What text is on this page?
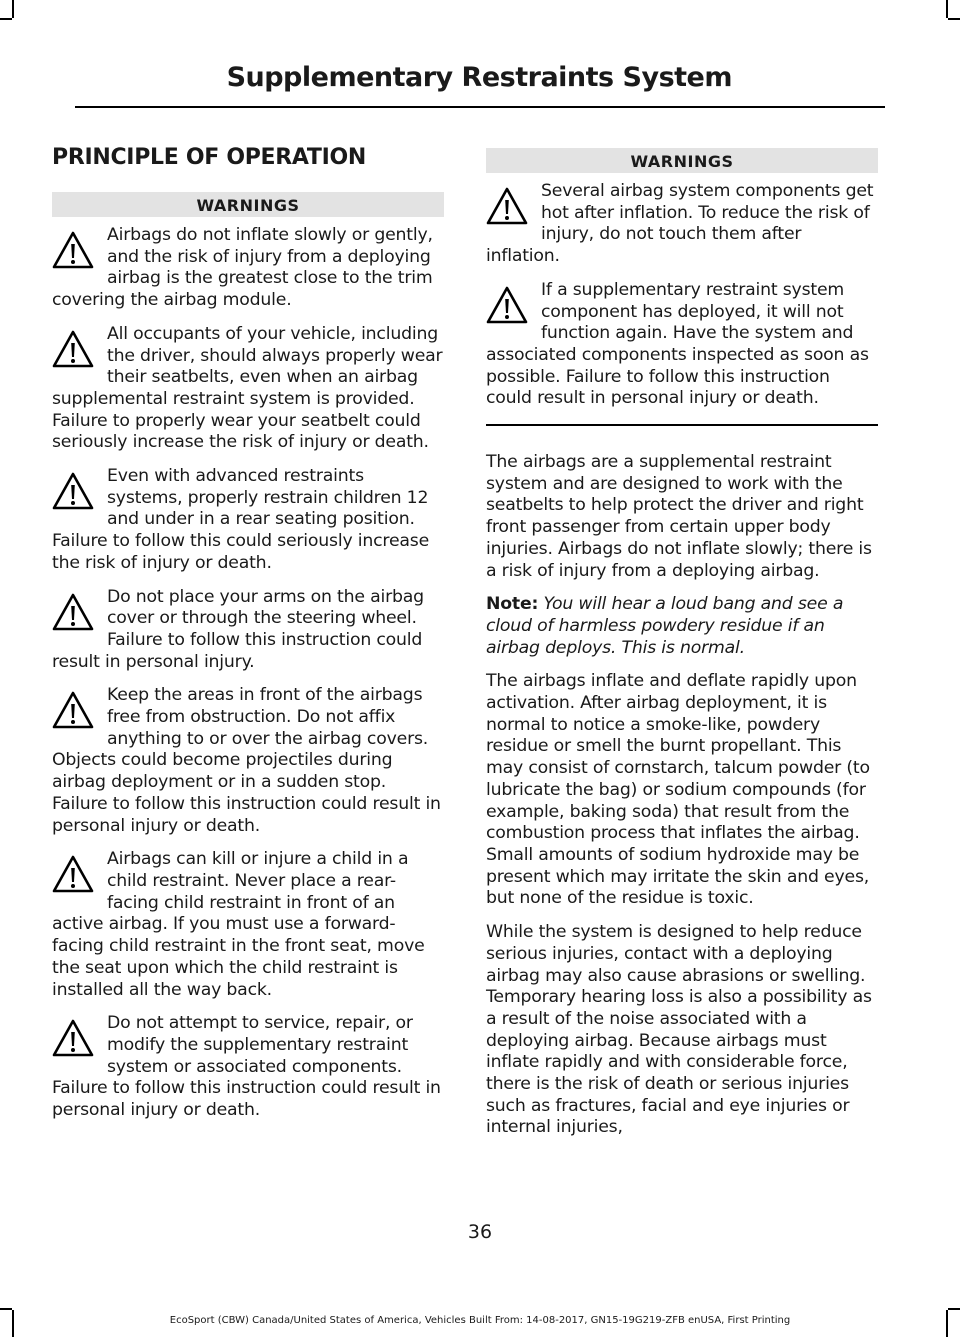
Supplementary Restraints System
PRINCIPLE OF OPERATION
WARNINGS
Airbags do not inflate slowly or gently, and the risk of injury from a deploying airbag is the greatest close to the trim covering the airbag module.
All occupants of your vehicle, including the driver, should always properly wear their seatbelts, even when an airbag supplemental restraint system is provided. Failure to properly wear your seatbelt could seriously increase the risk of injury or death.
Even with advanced restraints systems, properly restrain children 12 and under in a rear seating position. Failure to follow this could seriously increase the risk of injury or death.
Do not place your arms on the airbag cover or through the steering wheel. Failure to follow this instruction could result in personal injury.
Keep the areas in front of the airbags free from obstruction. Do not affix anything to or over the airbag covers. Objects could become projectiles during airbag deployment or in a sudden stop. Failure to follow this instruction could result in personal injury or death.
Airbags can kill or injure a child in a child restraint. Never place a rear-facing child restraint in front of an active airbag. If you must use a forward-facing child restraint in the front seat, move the seat upon which the child restraint is installed all the way back.
Do not attempt to service, repair, or modify the supplementary restraint system or associated components. Failure to follow this instruction could result in personal injury or death.
WARNINGS
Several airbag system components get hot after inflation. To reduce the risk of injury, do not touch them after inflation.
If a supplementary restraint system component has deployed, it will not function again. Have the system and associated components inspected as soon as possible. Failure to follow this instruction could result in personal injury or death.

The airbags are a supplemental restraint system and are designed to work with the seatbelts to help protect the driver and right front passenger from certain upper body injuries. Airbags do not inflate slowly; there is a risk of injury from a deploying airbag.

Note: You will hear a loud bang and see a cloud of harmless powdery residue if an airbag deploys. This is normal.

The airbags inflate and deflate rapidly upon activation. After airbag deployment, it is normal to notice a smoke-like, powdery residue or smell the burnt propellant. This may consist of cornstarch, talcum powder (to lubricate the bag) or sodium compounds (for example, baking soda) that result from the combustion process that inflates the airbag. Small amounts of sodium hydroxide may be present which may irritate the skin and eyes, but none of the residue is toxic.

While the system is designed to help reduce serious injuries, contact with a deploying airbag may also cause abrasions or swelling. Temporary hearing loss is also a possibility as a result of the noise associated with a deploying airbag. Because airbags must inflate rapidly and with considerable force, there is the risk of death or serious injuries such as fractures, facial and eye injuries or internal injuries,

36
EcoSport (CBW) Canada/United States of America, Vehicles Built From: 14-08-2017, GN15-19G219-ZFB enUSA, First Printing
